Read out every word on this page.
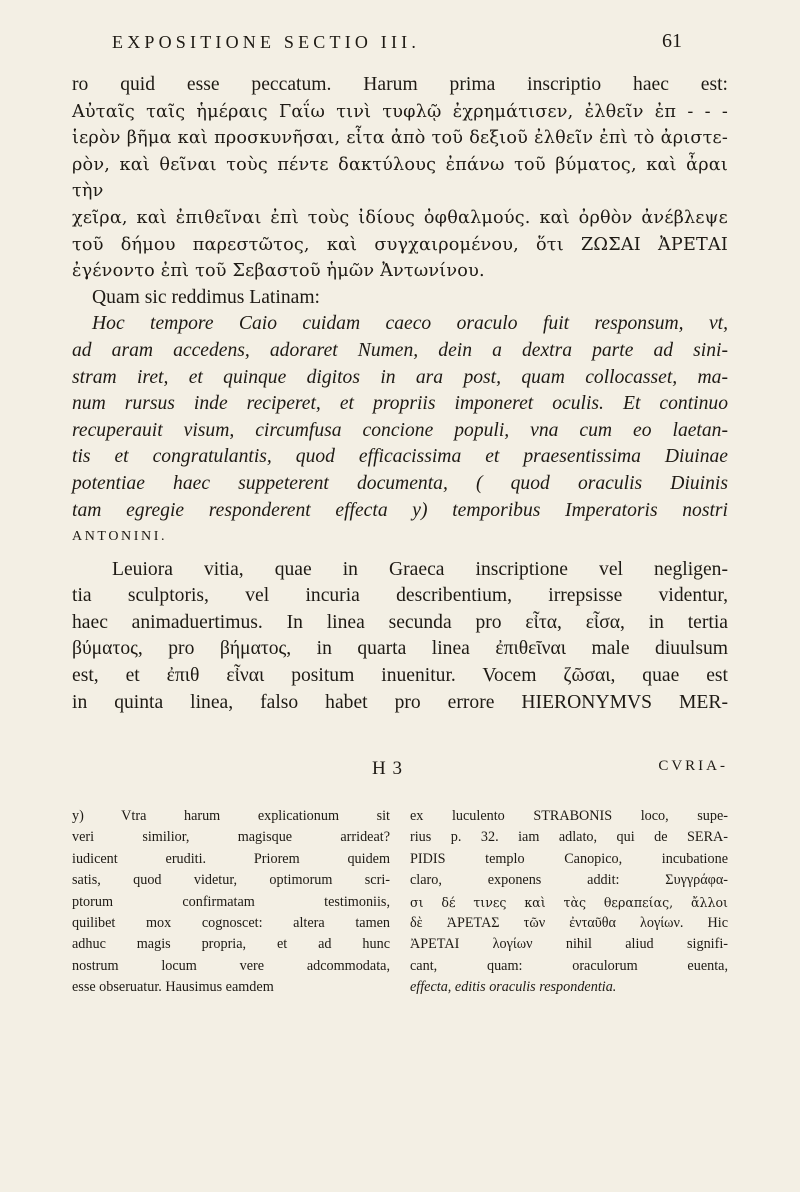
EXPOSITIONE SECTIO III.	61

ro quid esse peccatum. Harum prima inscriptio haec est:

Αὐταῖς ταῖς ἡμέραις Γαΐω τινὶ τυφλῷ ἐχρημάτισεν, ἐλθεῖν ἐπ - - -

ἱερὸν βῆμα καὶ προσκυνῆσαι, εἶτα ἀπὸ τοῦ δεξιοῦ ἐλθεῖν ἐπὶ τὸ ἀριστε-

ρὸν, καὶ θεῖναι τοὺς πέντε δακτύλους ἐπάνω τοῦ βύματος, καὶ ἆραι τὴν

χεῖρα, καὶ ἐπιθεῖναι ἐπὶ τοὺς ἰδίους ὀφθαλμούς. καὶ ὀρθὸν ἀνέβλεψε

τοῦ δήμου παρεστῶτος, καὶ συγχαιρομένου, ὅτι ΖΩΣΑΙ ἈΡΕΤΑΙ

ἐγένοντο ἐπὶ τοῦ Σεβαστοῦ ἡμῶν Ἀντωνίνου.

Quam sic reddimus Latinam:

Hoc tempore Caio cuidam caeco oraculo fuit responsum, vt,

ad aram accedens, adoraret Numen, dein a dextra parte ad sini-

stram iret, et quinque digitos in ara post, quam collocasset, ma-

num rursus inde reciperet, et propriis imponeret oculis. Et continuo

recuperauit visum, circumfusa concione populi, vna cum eo laetan-

tis et congratulantis, quod efficacissima et praesentissima Diuinae

potentiae haec suppeterent documenta, ( quod oraculis Diuinis

tam egregie responderent effecta y) temporibus Imperatoris nostri

ANTONINI.

Leuiora vitia, quae in Graeca inscriptione vel negligen-

tia sculptoris, vel incuria describentium, irrepsisse videntur,

haec animaduertimus. In linea secunda pro εἶτα, εἶσα, in tertia

βύματος, pro βήματος, in quarta linea ἐπιθεῖναι male diuulsum

est, et ἐπιθ εἶναι positum inuenitur. Vocem ζῶσαι, quae est

in quinta linea, falso habet pro errore HIERONYMVS MER-

H 3	CVRIA-

y) Vtra harum explicationum sit

veri similior, magisque arrideat?

iudicent eruditi. Priorem quidem

satis, quod videtur, optimorum scri-

ptorum confirmatam testimoniis,

quilibet mox cognoscet: altera tamen

adhuc magis propria, et ad hunc

nostrum locum vere adcommodata,

esse obseruatur. Hausimus eamdem

ex luculento STRABONIS loco, supe-

rius p. 32. iam adlato, qui de SERA-

PIDIS templo Canopico, incubatione

claro, exponens addit: Συγγράφα-

σι δέ τινες καὶ τὰς θεραπείας, ἄλλοι

δὲ ἈΡΕΤΑΣ τῶν ἐνταῦθα λογίων. Hic

ἈΡΕΤΑΙ λογίων nihil aliud signifi-

cant, quam: oraculorum euenta,

effecta, editis oraculis respondentia.
